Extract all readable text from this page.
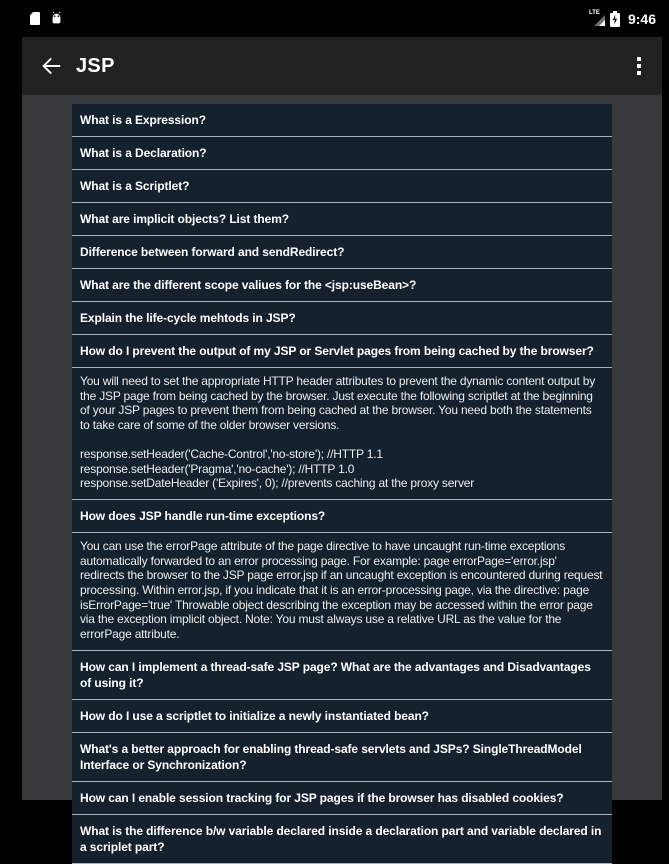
LTE 9:46
JSP
What is a Expression?
What is a Declaration?
What is a Scriptlet?
What are implicit objects? List them?
Difference between forward and sendRedirect?
What are the different scope valiues for the <jsp:useBean>?
Explain the life-cycle mehtods in JSP?
How do I prevent the output of my JSP or Servlet pages from being cached by the browser?
You will need to set the appropriate HTTP header attributes to prevent the dynamic content output by the JSP page from being cached by the browser. Just execute the following scriptlet at the beginning of your JSP pages to prevent them from being cached at the browser. You need both the statements to take care of some of the older browser versions.
response.setHeader('Cache-Control','no-store'); //HTTP 1.1
response.setHeader('Pragma','no-cache'); //HTTP 1.0
response.setDateHeader ('Expires', 0); //prevents caching at the proxy server
How does JSP handle run-time exceptions?
You can use the errorPage attribute of the page directive to have uncaught run-time exceptions automatically forwarded to an error processing page. For example: page errorPage='error.jsp' redirects the browser to the JSP page error.jsp if an uncaught exception is encountered during request processing. Within error.jsp, if you indicate that it is an error-processing page, via the directive: page isErrorPage='true' Throwable object describing the exception may be accessed within the error page via the exception implicit object. Note: You must always use a relative URL as the value for the errorPage attribute.
How can I implement a thread-safe JSP page? What are the advantages and Disadvantages of using it?
How do I use a scriptlet to initialize a newly instantiated bean?
What's a better approach for enabling thread-safe servlets and JSPs? SingleThreadModel Interface or Synchronization?
How can I enable session tracking for JSP pages if the browser has disabled cookies?
What is the difference b/w variable declared inside a declaration part and variable declared in a scriplet part?
